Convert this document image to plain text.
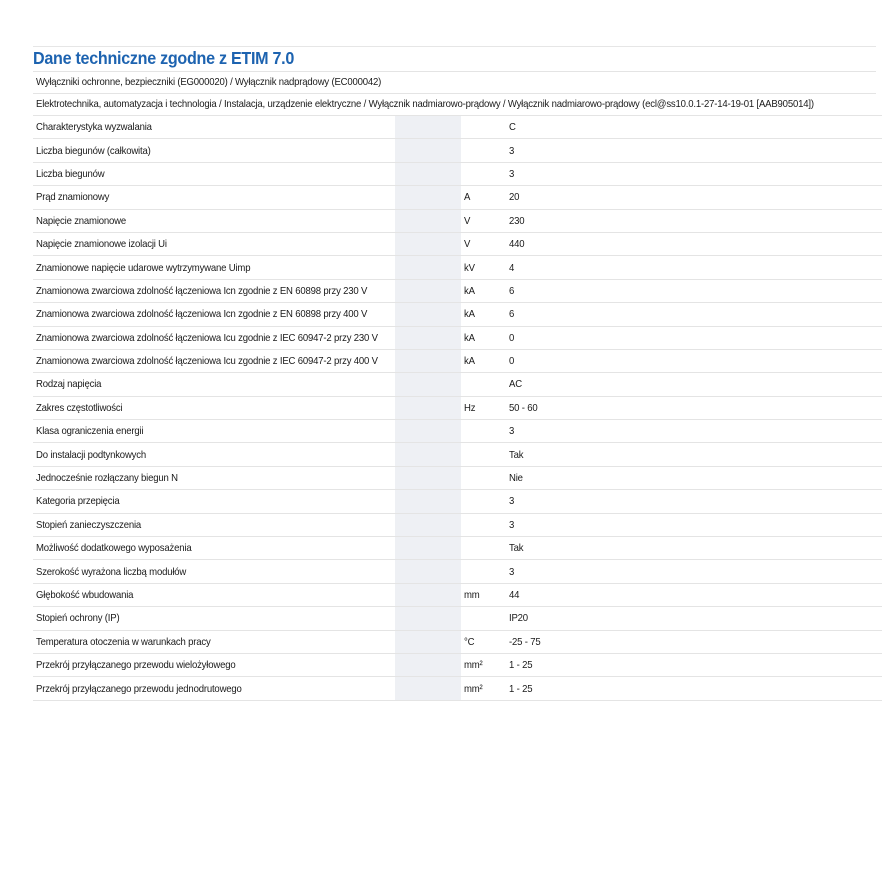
Dane techniczne zgodne z ETIM 7.0
Wyłączniki ochronne, bezpieczniki (EG000020) / Wyłącznik nadprądowy (EC000042)
Elektrotechnika, automatyzacja i technologia / Instalacja, urządzenie elektryczne / Wyłącznik nadmiarowo-prądowy / Wyłącznik nadmiarowo-prądowy (ecl@ss10.0.1-27-14-19-01 [AAB905014])
Charakterystyka wyzwalania			C
Liczba biegunów (całkowita)			3
Liczba biegunów			3
Prąd znamionowy		A	20
Napięcie znamionowe		V	230
Napięcie znamionowe izolacji Ui		V	440
Znamionowe napięcie udarowe wytrzymywane Uimp		kV	4
Znamionowa zwarciowa zdolność łączeniowa Icn zgodnie z EN 60898 przy 230 V		kA	6
Znamionowa zwarciowa zdolność łączeniowa Icn zgodnie z EN 60898 przy 400 V		kA	6
Znamionowa zwarciowa zdolność łączeniowa Icu zgodnie z IEC 60947-2 przy 230 V		kA	0
Znamionowa zwarciowa zdolność łączeniowa Icu zgodnie z IEC 60947-2 przy 400 V		kA	0
Rodzaj napięcia			AC
Zakres częstotliwości		Hz	50 - 60
Klasa ograniczenia energii			3
Do instalacji podtynkowych			Tak
Jednocześnie rozłączany biegun N			Nie
Kategoria przepięcia			3
Stopień zanieczyszczenia			3
Możliwość dodatkowego wyposażenia			Tak
Szerokość wyrażona liczbą modułów			3
Głębokość wbudowania		mm	44
Stopień ochrony (IP)			IP20
Temperatura otoczenia w warunkach pracy		°C	-25 - 75
Przekrój przyłączanego przewodu wielożyłowego		mm²	1 - 25
Przekrój przyłączanego przewodu jednodrutowego		mm²	1 - 25
